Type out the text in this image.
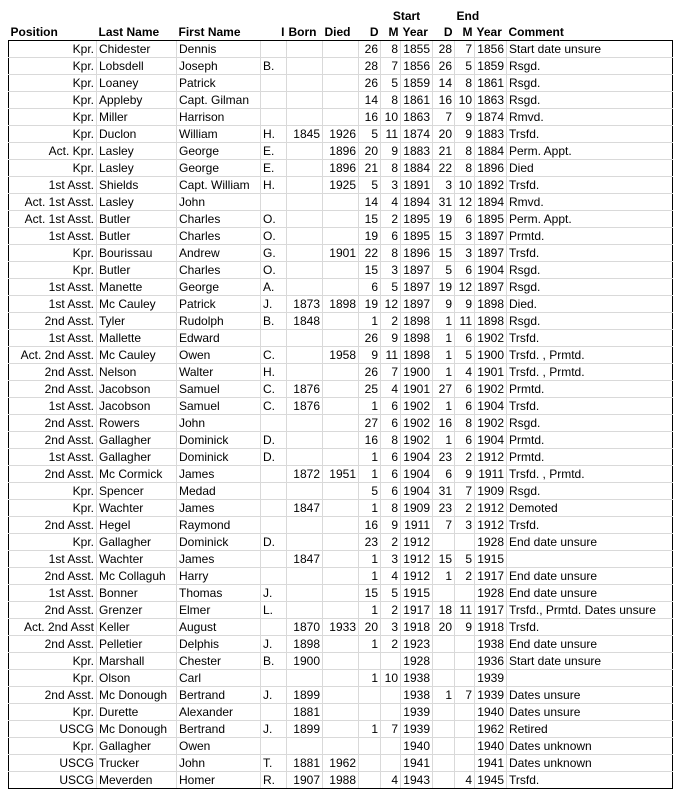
							Start			End		
Position	Last Name	First Name	I	Born	Died	D	M	Year	D	M	Year	Comment
Kpr.	Chidester	Dennis				26	8	1855	28	7	1856	Start date unsure
Kpr.	Lobsdell	Joseph	B.			28	7	1856	26	5	1859	Rsgd.
Kpr.	Loaney	Patrick				26	5	1859	14	8	1861	Rsgd.
Kpr.	Appleby	Capt. Gilman				14	8	1861	16	10	1863	Rsgd.
Kpr.	Miller	Harrison				16	10	1863	7	9	1874	Rmvd.
Kpr.	Duclon	William	H.	1845	1926	5	11	1874	20	9	1883	Trsfd.
Act. Kpr.	Lasley	George	E.		1896	20	9	1883	21	8	1884	Perm. Appt.
Kpr.	Lasley	George	E.		1896	21	8	1884	22	8	1896	Died
1st Asst.	Shields	Capt. William	H.		1925	5	3	1891	3	10	1892	Trsfd.
Act. 1st Asst.	Lasley	John				14	4	1894	31	12	1894	Rmvd.
Act. 1st Asst.	Butler	Charles	O.			15	2	1895	19	6	1895	Perm. Appt.
1st Asst.	Butler	Charles	O.			19	6	1895	15	3	1897	Prmtd.
Kpr.	Bourissau	Andrew	G.		1901	22	8	1896	15	3	1897	Trsfd.
Kpr.	Butler	Charles	O.			15	3	1897	5	6	1904	Rsgd.
1st Asst.	Manette	George	A.			6	5	1897	19	12	1897	Rsgd.
1st Asst.	Mc Cauley	Patrick	J.	1873	1898	19	12	1897	9	9	1898	Died.
2nd Asst.	Tyler	Rudolph	B.	1848		1	2	1898	1	11	1898	Rsgd.
1st Asst.	Mallette	Edward				26	9	1898	1	6	1902	Trsfd.
Act. 2nd Asst.	Mc Cauley	Owen	C.		1958	9	11	1898	1	5	1900	Trsfd. , Prmtd.
2nd Asst.	Nelson	Walter	H.			26	7	1900	1	4	1901	Trsfd. , Prmtd.
2nd Asst.	Jacobson	Samuel	C.	1876		25	4	1901	27	6	1902	Prmtd.
1st Asst.	Jacobson	Samuel	C.	1876		1	6	1902	1	6	1904	Trsfd.
2nd Asst.	Rowers	John				27	6	1902	16	8	1902	Rsgd.
2nd Asst.	Gallagher	Dominick	D.			16	8	1902	1	6	1904	Prmtd.
1st Asst.	Gallagher	Dominick	D.			1	6	1904	23	2	1912	Prmtd.
2nd Asst.	Mc Cormick	James		1872	1951	1	6	1904	6	9	1911	Trsfd. , Prmtd.
Kpr.	Spencer	Medad				5	6	1904	31	7	1909	Rsgd.
Kpr.	Wachter	James		1847		1	8	1909	23	2	1912	Demoted
2nd Asst.	Hegel	Raymond				16	9	1911	7	3	1912	Trsfd.
Kpr.	Gallagher	Dominick	D.			23	2	1912			1928	End date unsure
1st Asst.	Wachter	James		1847		1	3	1912	15	5	1915	
2nd Asst.	Mc Collaguh	Harry				1	4	1912	1	2	1917	End date unsure
1st Asst.	Bonner	Thomas	J.			15	5	1915			1928	End date unsure
2nd Asst.	Grenzer	Elmer	L.			1	2	1917	18	11	1917	Trsfd., Prmtd. Dates unsure
Act. 2nd Asst	Keller	August		1870	1933	20	3	1918	20	9	1918	Trsfd.
2nd Asst.	Pelletier	Delphis	J.	1898		1	2	1923			1938	End date unsure
Kpr.	Marshall	Chester	B.	1900				1928			1936	Start date unsure
Kpr.	Olson	Carl				1	10	1938			1939	
2nd Asst.	Mc Donough	Bertrand	J.	1899				1938	1	7	1939	Dates unsure
Kpr.	Durette	Alexander		1881				1939			1940	Dates unsure
USCG	Mc Donough	Bertrand	J.	1899		1	7	1939			1962	Retired
Kpr.	Gallagher	Owen						1940			1940	Dates unknown
USCG	Trucker	John	T.	1881	1962			1941			1941	Dates unknown
USCG	Meverden	Homer	R.	1907	1988		4	1943		4	1945	Trsfd.
